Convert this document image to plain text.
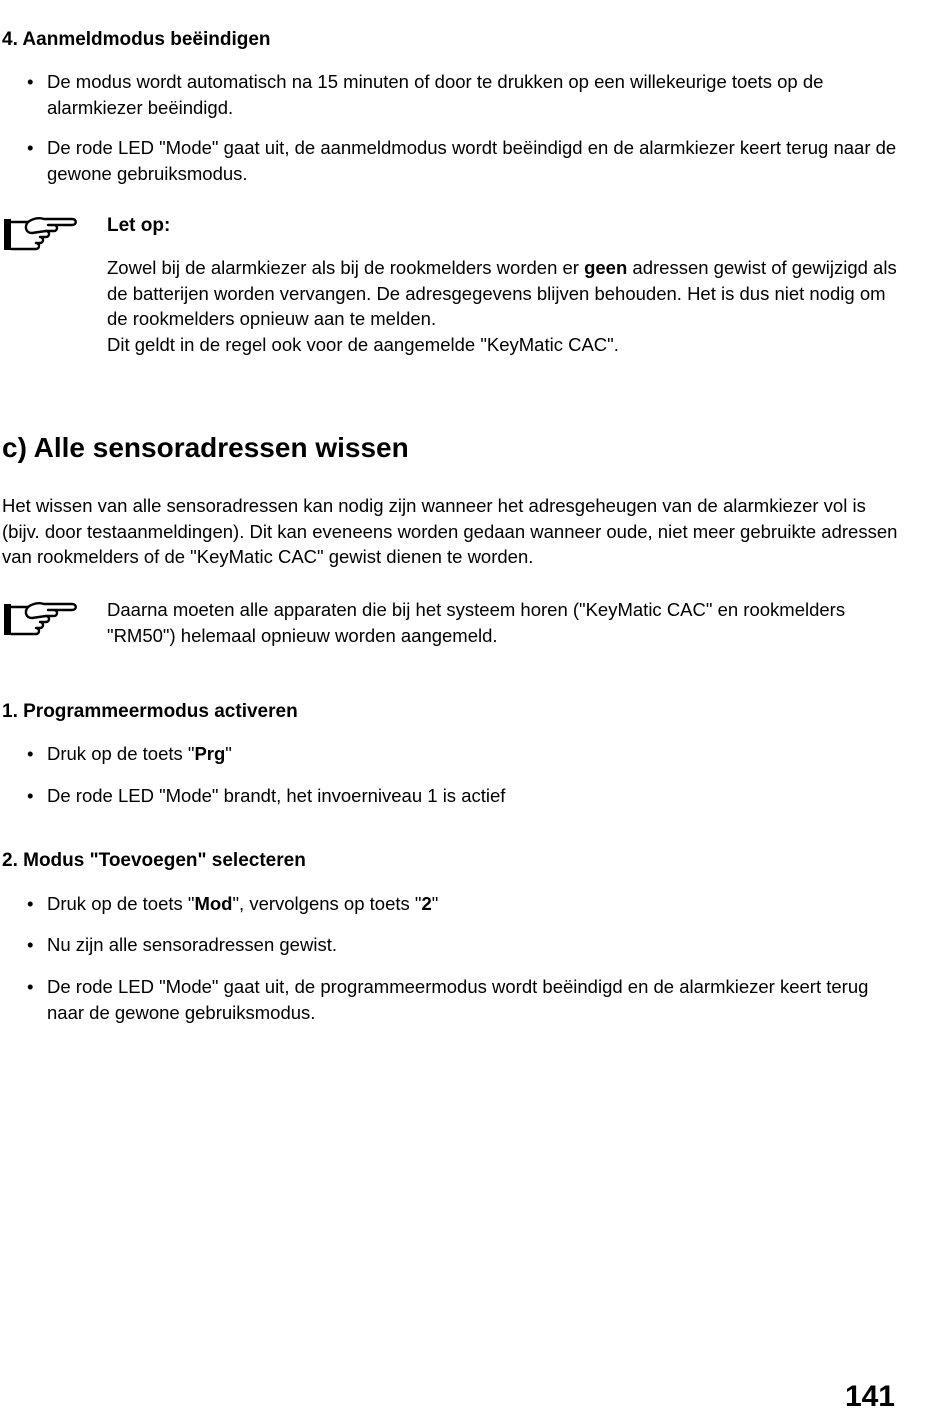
4. Aanmeldmodus beëindigen
• De modus wordt automatisch na 15 minuten of door te drukken op een willekeurige toets op de alarmkiezer beëindigd.
• De rode LED "Mode" gaat uit, de aanmeldmodus wordt beëindigd en de alarmkiezer keert terug naar de gewone gebruiksmodus.
Let op:
Zowel bij de alarmkiezer als bij de rookmelders worden er geen adressen gewist of gewijzigd als de batterijen worden vervangen. De adresgegevens blijven behouden. Het is dus niet nodig om de rookmelders opnieuw aan te melden.
Dit geldt in de regel ook voor de aangemelde "KeyMatic CAC".
c) Alle sensoradressen wissen
Het wissen van alle sensoradressen kan nodig zijn wanneer het adresgeheugen van de alarmkiezer vol is (bijv. door testaanmeldingen). Dit kan eveneens worden gedaan wanneer oude, niet meer gebruikte adressen van rookmelders of de "KeyMatic CAC" gewist dienen te worden.
Daarna moeten alle apparaten die bij het systeem horen ("KeyMatic CAC" en rookmelders "RM50") helemaal opnieuw worden aangemeld.
1. Programmeermodus activeren
• Druk op de toets "Prg"
• De rode LED "Mode" brandt, het invoerniveau 1 is actief
2. Modus "Toevoegen" selecteren
• Druk op de toets "Mod", vervolgens op toets "2"
• Nu zijn alle sensoradressen gewist.
• De rode LED "Mode" gaat uit, de programmeermodus wordt beëindigd en de alarmkiezer keert terug naar de gewone gebruiksmodus.
141
